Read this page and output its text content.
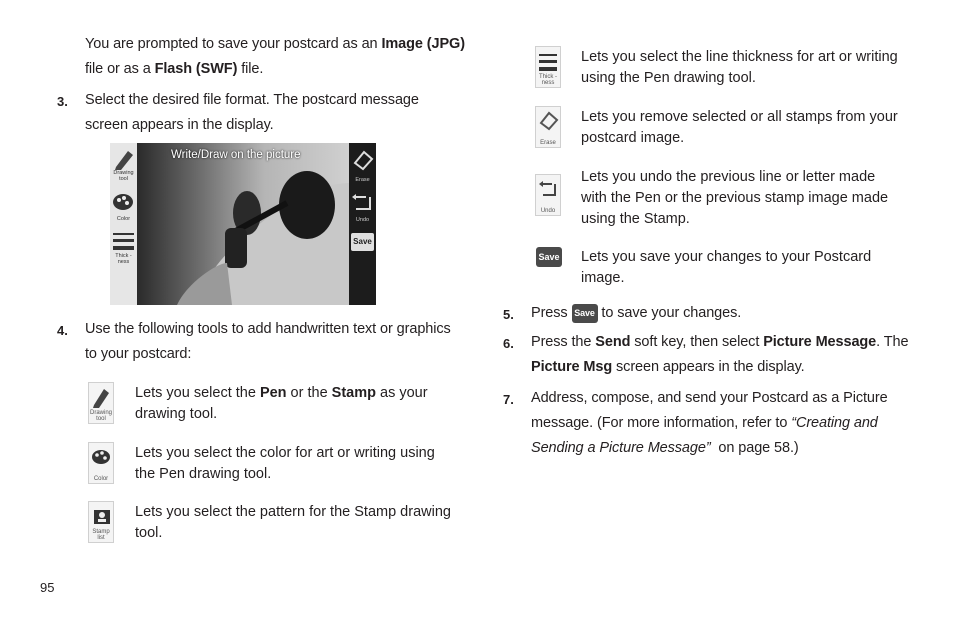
You are prompted to save your postcard as an Image (JPG)
file or as a Flash (SWF) file.
3. Select the desired file format. The postcard message
screen appears in the display.
Drawing tool
Color
Thick -ness
Write/Draw on the picture
Erase
Undo
Save
4. Use the following tools to add handwritten text or graphics
to your postcard:
Drawing tool
Lets you select the Pen or the Stamp as your
drawing tool.
Color
Lets you select the color for art or writing using
the Pen drawing tool.
Stamp list
Lets you select the pattern for the Stamp drawing
tool.
95
Thick -ness
Lets you select the line thickness for art or writing
using the Pen drawing tool.
Erase
Lets you remove selected or all stamps from your
postcard image.
Undo
Lets you undo the previous line or letter made
with the Pen or the previous stamp image made
using the Stamp.
Save Lets you save your changes to your Postcard
image.
5. Press Save to save your changes.
6. Press the Send soft key, then select Picture Message. The
Picture Msg screen appears in the display.
7. Address, compose, and send your Postcard as a Picture
message. (For more information, refer to “Creating and
Sending a Picture Message”  on page 58.)
